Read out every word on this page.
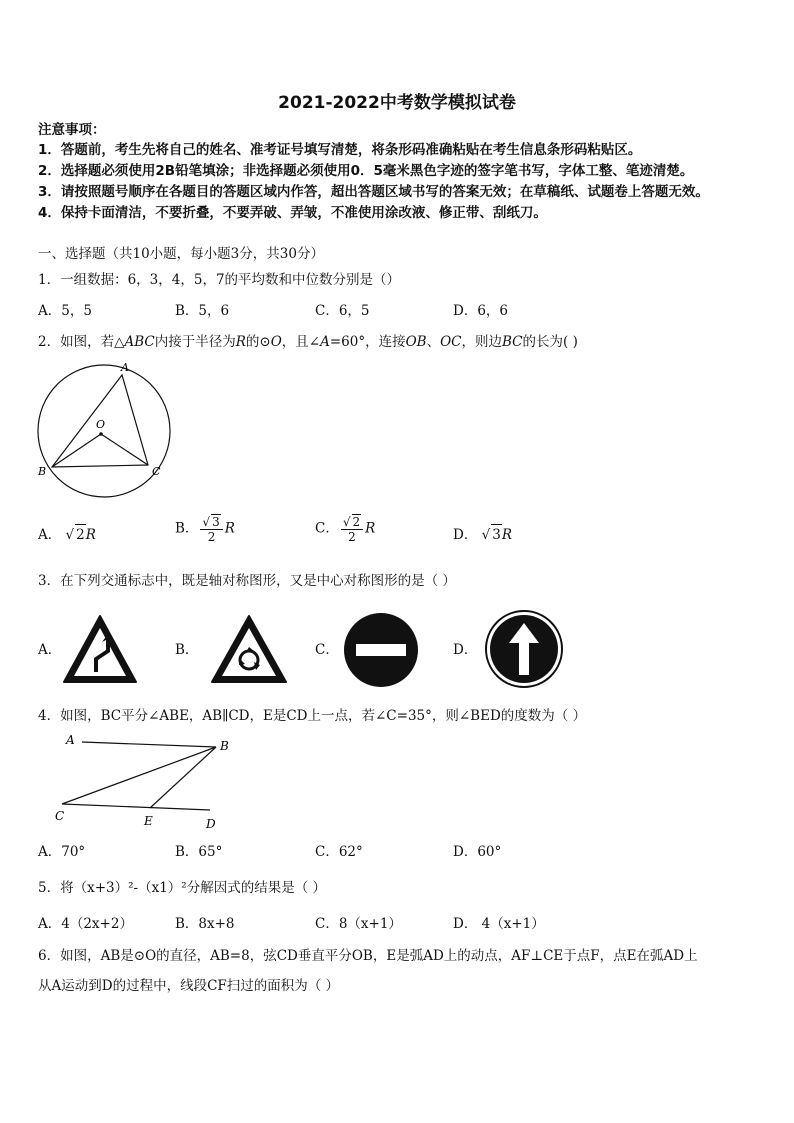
2021-2022中考数学模拟试卷
注意事项：
1．答题前，考生先将自己的姓名、准考证号填写清楚，将条形码准确粘贴在考生信息条形码粘贴区。
2．选择题必须使用2B铅笔填涂；非选择题必须使用0．5毫米黑色字迹的签字笔书写，字体工整、笔迹清楚。
3．请按照题号顺序在各题目的答题区域内作答，超出答题区域书写的答案无效；在草稿纸、试题卷上答题无效。
4．保持卡面清洁，不要折叠，不要弄破、弄皱，不准使用涂改液、修正带、刮纸刀。
一、选择题（共10小题，每小题3分，共30分）
1．一组数据：6，3，4，5，7的平均数和中位数分别是（）
A．5，5	B．5，6	C．6，5	D．6，6
2．如图，若△ABC内接于半径为R的⊙O，且∠A=60°，连接OB、OC，则边BC的长为( )
A
O
B	C
A． √ 2R	B． $\frac{√ 3}{2}$ R	C． $\frac{√ 2}{2}$ R	D． √ 3R
3．在下列交通标志中，既是轴对称图形，又是中心对称图形的是（ ）
A．	B．	C．	D．
4．如图，BC平分∠ABE，AB∥CD，E是CD上一点，若∠C=35°，则∠BED的度数为（ ）
A	B
C	E	D
A．70°	B．65°	C．62°	D．60°
5．将（x+3）²-（x1）²分解因式的结果是（ ）
A．4（2x+2）	B．8x+8	C．8（x+1）	D． 4（x+1）
6．如图，AB是⊙O的直径，AB=8，弦CD垂直平分OB，E是弧AD上的动点，AF⊥CE于点F，点E在弧AD上
从A运动到D的过程中，线段CF扫过的面积为（ ）
